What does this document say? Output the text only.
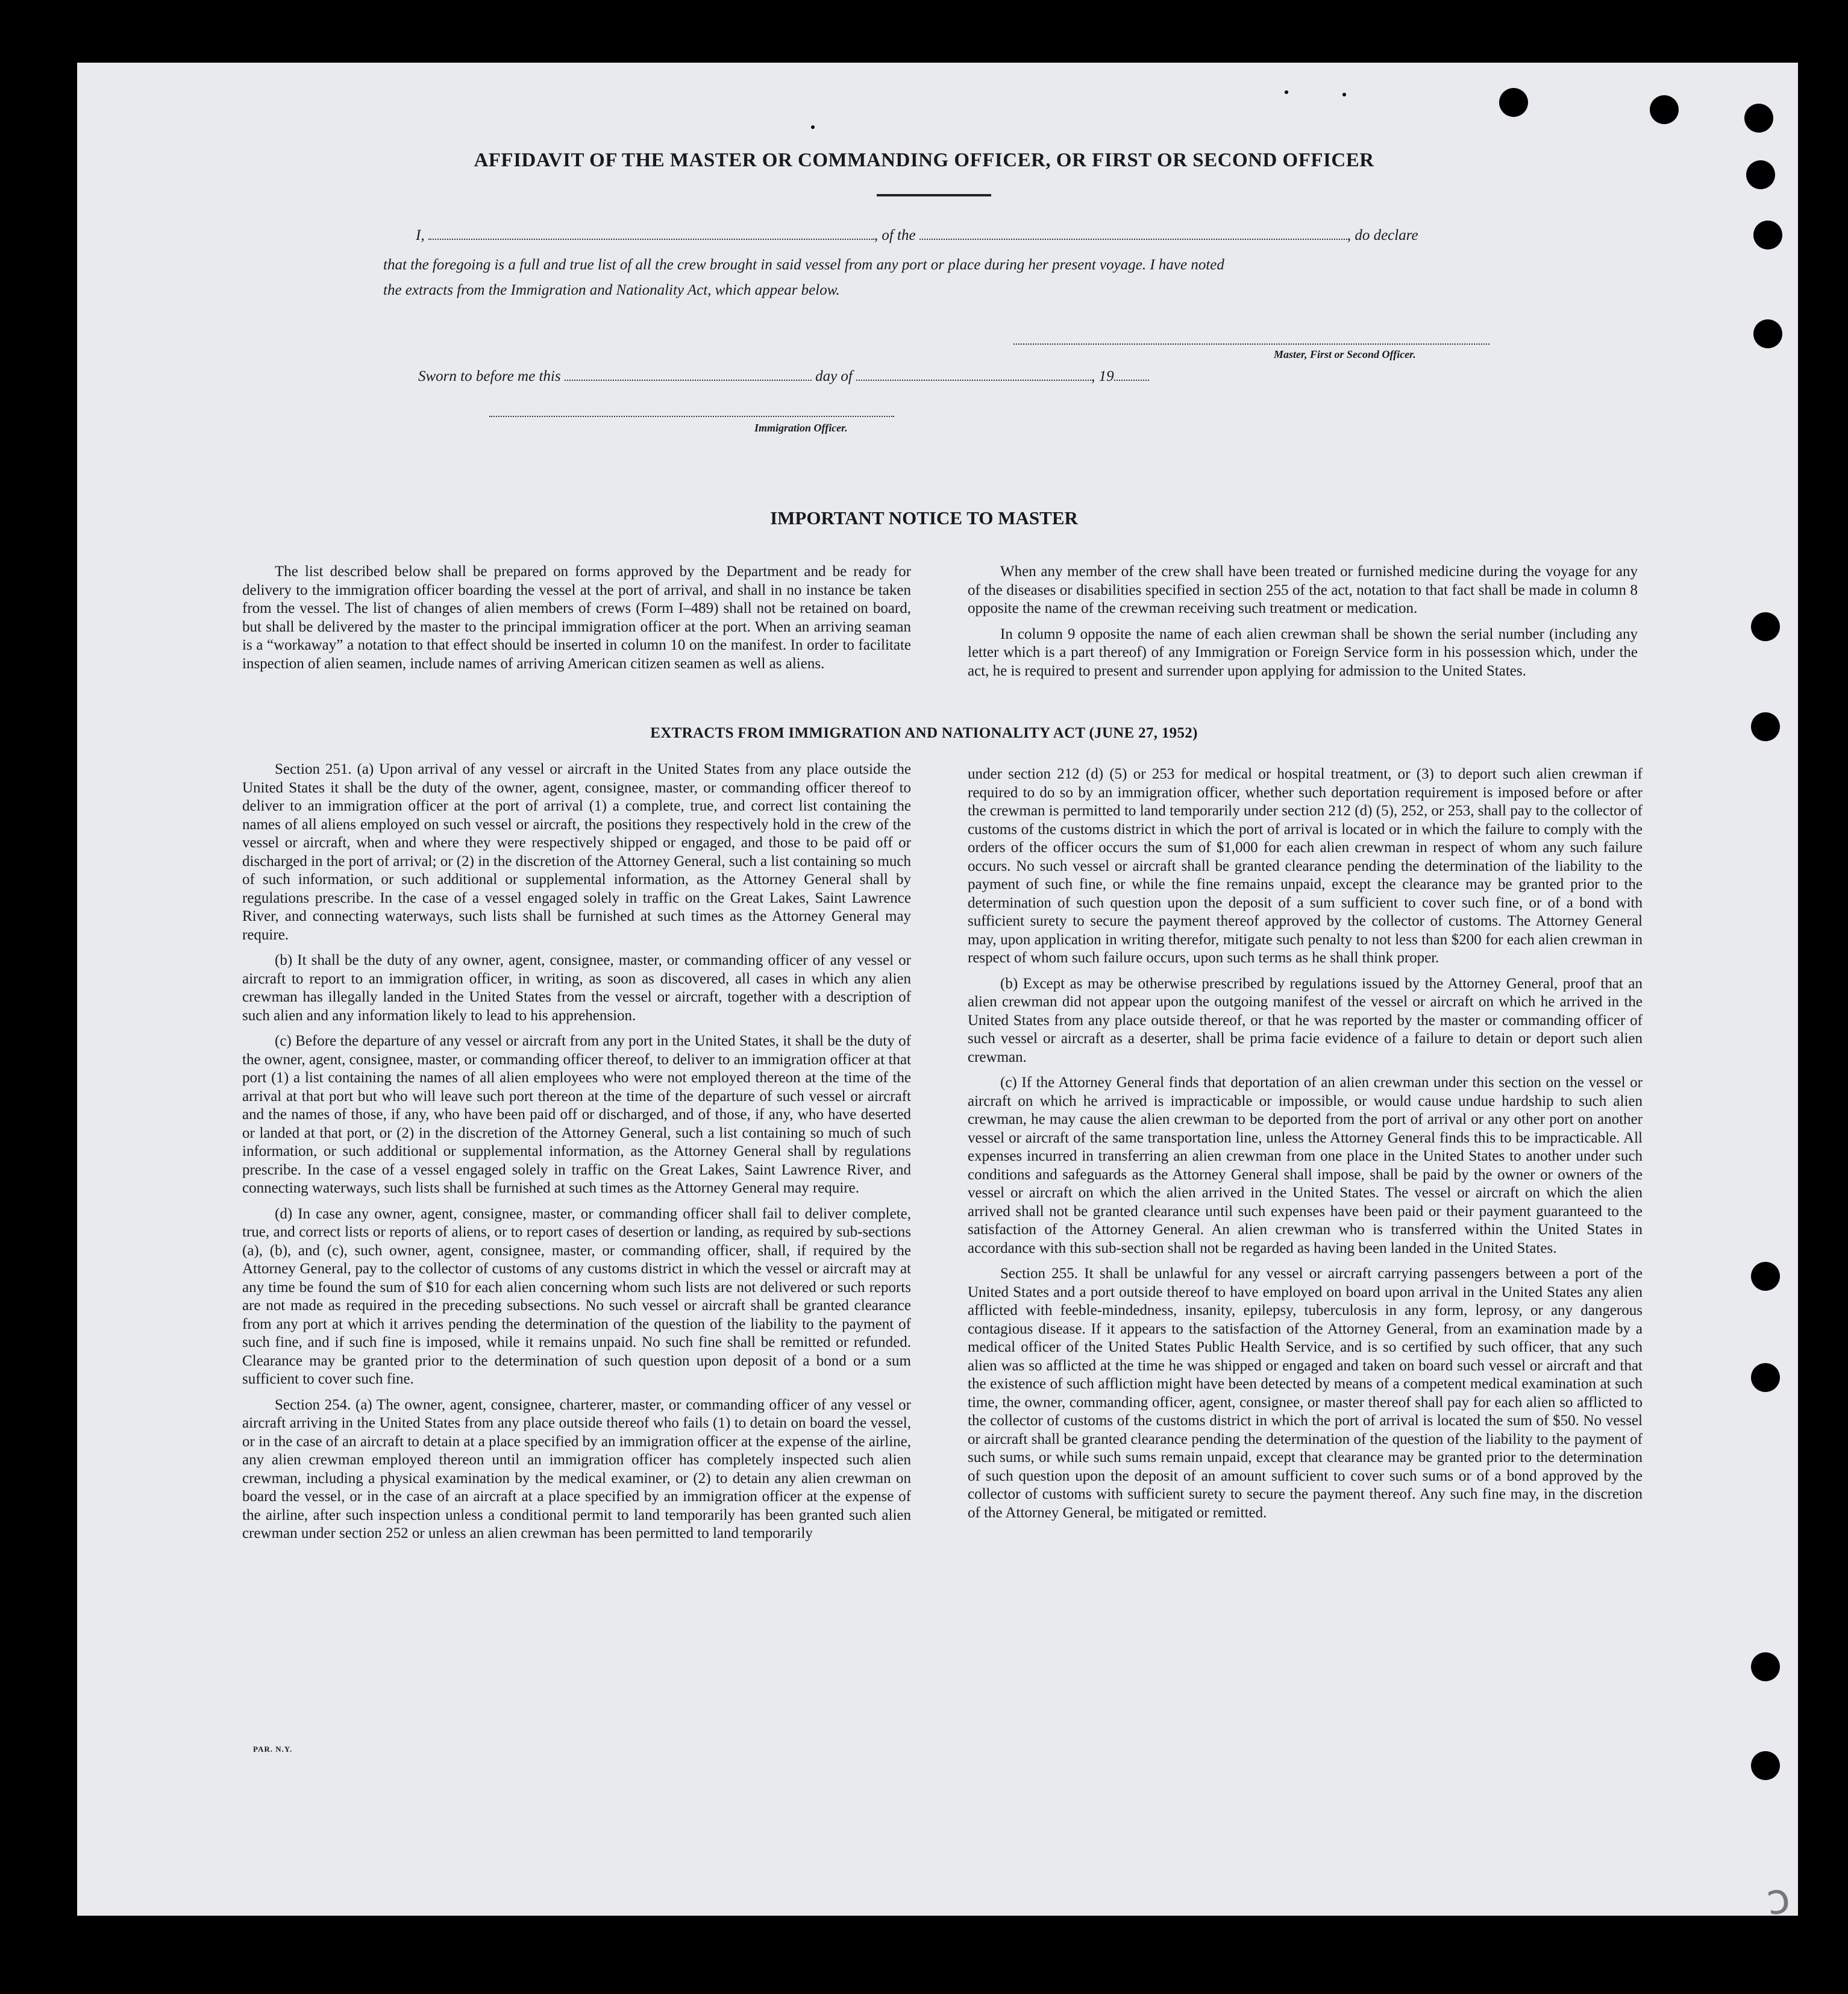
AFFIDAVIT OF THE MASTER OR COMMANDING OFFICER, OR FIRST OR SECOND OFFICER
I,	, of the	, do declare
that the foregoing is a full and true list of all the crew brought in said vessel from any port or place during her present voyage. I have noted
the extracts from the Immigration and Nationality Act, which appear below.
Master, First or Second Officer.
Sworn to before me this	day of	, 19
Immigration Officer.
IMPORTANT NOTICE TO MASTER

The list described below shall be prepared on forms approved by the Department and be ready for delivery to the immigration officer boarding the vessel at the port of arrival, and shall in no instance be taken from the vessel. The list of changes of alien members of crews (Form I–489) shall not be retained on board, but shall be delivered by the master to the principal immigration officer at the port. When an arriving seaman is a “workaway” a notation to that effect should be inserted in column 10 on the manifest. In order to facilitate inspection of alien seamen, include names of arriving American citizen seamen as well as aliens.

When any member of the crew shall have been treated or furnished medicine during the voyage for any of the diseases or disabilities specified in section 255 of the act, notation to that fact shall be made in column 8 opposite the name of the crewman receiving such treatment or medication.

In column 9 opposite the name of each alien crewman shall be shown the serial number (including any letter which is a part thereof) of any Immigration or Foreign Service form in his possession which, under the act, he is required to present and surrender upon applying for admission to the United States.

EXTRACTS FROM IMMIGRATION AND NATIONALITY ACT (JUNE 27, 1952)

Section 251. (a) Upon arrival of any vessel or aircraft in the United States from any place outside the United States it shall be the duty of the owner, agent, consignee, master, or commanding officer thereof to deliver to an immigration officer at the port of arrival (1) a complete, true, and correct list containing the names of all aliens employed on such vessel or aircraft, the positions they respectively hold in the crew of the vessel or aircraft, when and where they were respectively shipped or engaged, and those to be paid off or discharged in the port of arrival; or (2) in the discretion of the Attorney General, such a list containing so much of such information, or such additional or supplemental information, as the Attorney General shall by regulations prescribe. In the case of a vessel engaged solely in traffic on the Great Lakes, Saint Lawrence River, and connecting waterways, such lists shall be furnished at such times as the Attorney General may require.

(b) It shall be the duty of any owner, agent, consignee, master, or commanding officer of any vessel or aircraft to report to an immigration officer, in writing, as soon as discovered, all cases in which any alien crewman has illegally landed in the United States from the vessel or aircraft, together with a description of such alien and any information likely to lead to his apprehension.

(c) Before the departure of any vessel or aircraft from any port in the United States, it shall be the duty of the owner, agent, consignee, master, or commanding officer thereof, to deliver to an immigration officer at that port (1) a list containing the names of all alien employees who were not employed thereon at the time of the arrival at that port but who will leave such port thereon at the time of the departure of such vessel or aircraft and the names of those, if any, who have been paid off or discharged, and of those, if any, who have deserted or landed at that port, or (2) in the discretion of the Attorney General, such a list containing so much of such information, or such additional or supplemental information, as the Attorney General shall by regulations prescribe. In the case of a vessel engaged solely in traffic on the Great Lakes, Saint Lawrence River, and connecting waterways, such lists shall be furnished at such times as the Attorney General may require.

(d) In case any owner, agent, consignee, master, or commanding officer shall fail to deliver complete, true, and correct lists or reports of aliens, or to report cases of desertion or landing, as required by sub-sections (a), (b), and (c), such owner, agent, consignee, master, or commanding officer, shall, if required by the Attorney General, pay to the collector of customs of any customs district in which the vessel or aircraft may at any time be found the sum of $10 for each alien concerning whom such lists are not delivered or such reports are not made as required in the preceding subsections. No such vessel or aircraft shall be granted clearance from any port at which it arrives pending the determination of the question of the liability to the payment of such fine, and if such fine is imposed, while it remains unpaid. No such fine shall be remitted or refunded. Clearance may be granted prior to the determination of such question upon deposit of a bond or a sum sufficient to cover such fine.

Section 254. (a) The owner, agent, consignee, charterer, master, or commanding officer of any vessel or aircraft arriving in the United States from any place outside thereof who fails (1) to detain on board the vessel, or in the case of an aircraft to detain at a place specified by an immigration officer at the expense of the airline, any alien crewman employed thereon until an immigration officer has completely inspected such alien crewman, including a physical examination by the medical examiner, or (2) to detain any alien crewman on board the vessel, or in the case of an aircraft at a place specified by an immigration officer at the expense of the airline, after such inspection unless a conditional permit to land temporarily has been granted such alien crewman under section 252 or unless an alien crewman has been permitted to land temporarily

under section 212 (d) (5) or 253 for medical or hospital treatment, or (3) to deport such alien crewman if required to do so by an immigration officer, whether such deportation requirement is imposed before or after the crewman is permitted to land temporarily under section 212 (d) (5), 252, or 253, shall pay to the collector of customs of the customs district in which the port of arrival is located or in which the failure to comply with the orders of the officer occurs the sum of $1,000 for each alien crewman in respect of whom any such failure occurs. No such vessel or aircraft shall be granted clearance pending the determination of the liability to the payment of such fine, or while the fine remains unpaid, except the clearance may be granted prior to the determination of such question upon the deposit of a sum sufficient to cover such fine, or of a bond with sufficient surety to secure the payment thereof approved by the collector of customs. The Attorney General may, upon application in writing therefor, mitigate such penalty to not less than $200 for each alien crewman in respect of whom such failure occurs, upon such terms as he shall think proper.

(b) Except as may be otherwise prescribed by regulations issued by the Attorney General, proof that an alien crewman did not appear upon the outgoing manifest of the vessel or aircraft on which he arrived in the United States from any place outside thereof, or that he was reported by the master or commanding officer of such vessel or aircraft as a deserter, shall be prima facie evidence of a failure to detain or deport such alien crewman.

(c) If the Attorney General finds that deportation of an alien crewman under this section on the vessel or aircraft on which he arrived is impracticable or impossible, or would cause undue hardship to such alien crewman, he may cause the alien crewman to be deported from the port of arrival or any other port on another vessel or aircraft of the same transportation line, unless the Attorney General finds this to be impracticable. All expenses incurred in transferring an alien crewman from one place in the United States to another under such conditions and safeguards as the Attorney General shall impose, shall be paid by the owner or owners of the vessel or aircraft on which the alien arrived in the United States. The vessel or aircraft on which the alien arrived shall not be granted clearance until such expenses have been paid or their payment guaranteed to the satisfaction of the Attorney General. An alien crewman who is transferred within the United States in accordance with this sub-section shall not be regarded as having been landed in the United States.

Section 255. It shall be unlawful for any vessel or aircraft carrying passengers between a port of the United States and a port outside thereof to have employed on board upon arrival in the United States any alien afflicted with feeble-mindedness, insanity, epilepsy, tuberculosis in any form, leprosy, or any dangerous contagious disease. If it appears to the satisfaction of the Attorney General, from an examination made by a medical officer of the United States Public Health Service, and is so certified by such officer, that any such alien was so afflicted at the time he was shipped or engaged and taken on board such vessel or aircraft and that the existence of such affliction might have been detected by means of a competent medical examination at such time, the owner, commanding officer, agent, consignee, or master thereof shall pay for each alien so afflicted to the collector of customs of the customs district in which the port of arrival is located the sum of $50. No vessel or aircraft shall be granted clearance pending the determination of the question of the liability to the payment of such sums, or while such sums remain unpaid, except that clearance may be granted prior to the determination of such question upon the deposit of an amount sufficient to cover such sums or of a bond approved by the collector of customs with sufficient surety to secure the payment thereof. Any such fine may, in the discretion of the Attorney General, be mitigated or remitted.

PAR. N.Y.
ɔ
